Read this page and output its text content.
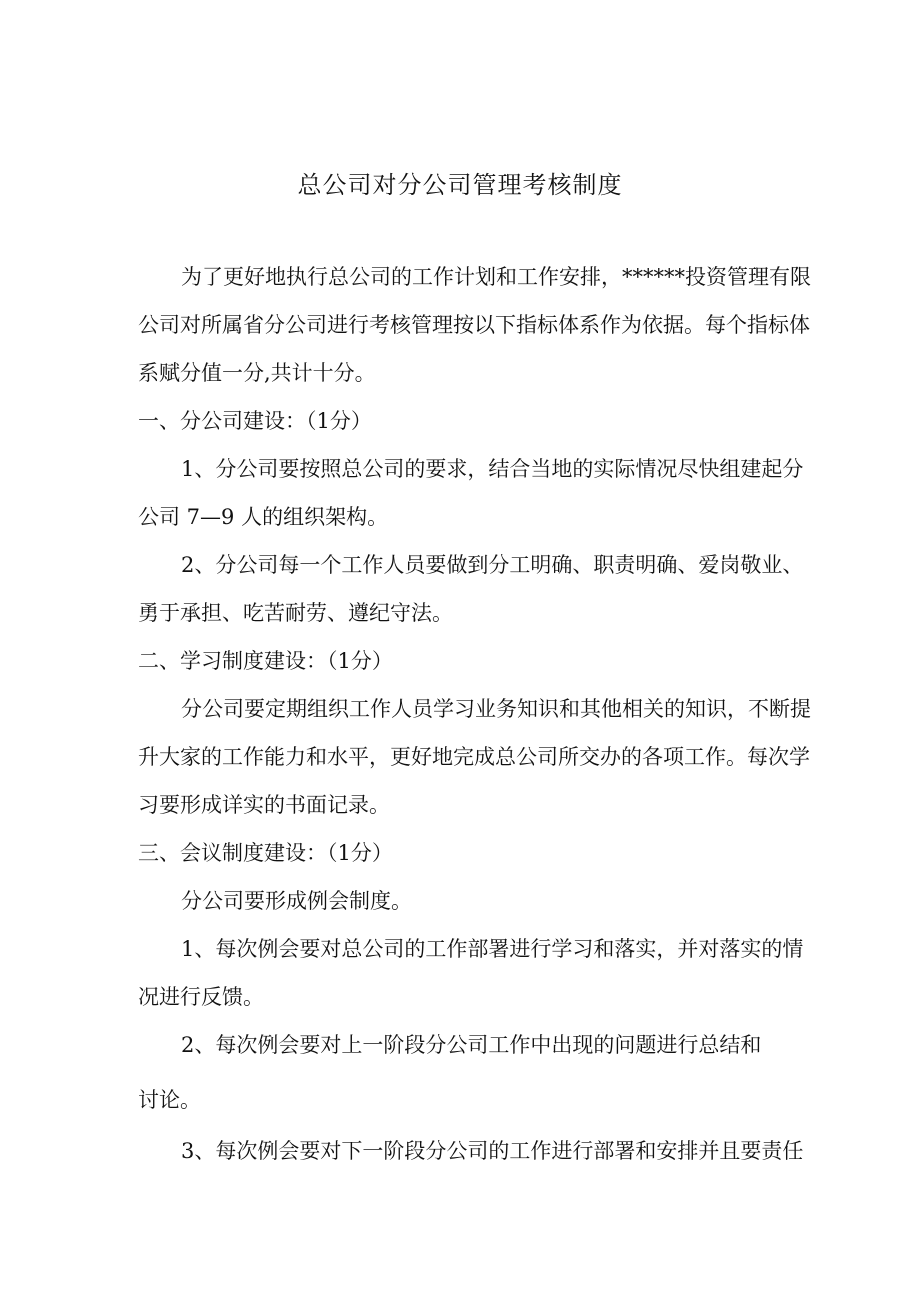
总公司对分公司管理考核制度

为了更好地执行总公司的工作计划和工作安排，******投资管理有限

公司对所属省分公司进行考核管理按以下指标体系作为依据。每个指标体

系赋分值一分,共计十分。

一、分公司建设：（1分）

1、分公司要按照总公司的要求，结合当地的实际情况尽快组建起分

公司 7—9 人的组织架构。

2、分公司每一个工作人员要做到分工明确、职责明确、爱岗敬业、

勇于承担、吃苦耐劳、遵纪守法。

二、学习制度建设：（1分）

分公司要定期组织工作人员学习业务知识和其他相关的知识，不断提

升大家的工作能力和水平，更好地完成总公司所交办的各项工作。每次学

习要形成详实的书面记录。

三、会议制度建设：（1分）

分公司要形成例会制度。

1、每次例会要对总公司的工作部署进行学习和落实，并对落实的情

况进行反馈。

2、每次例会要对上一阶段分公司工作中出现的问题进行总结和

讨论。

3、每次例会要对下一阶段分公司的工作进行部署和安排并且要责任
